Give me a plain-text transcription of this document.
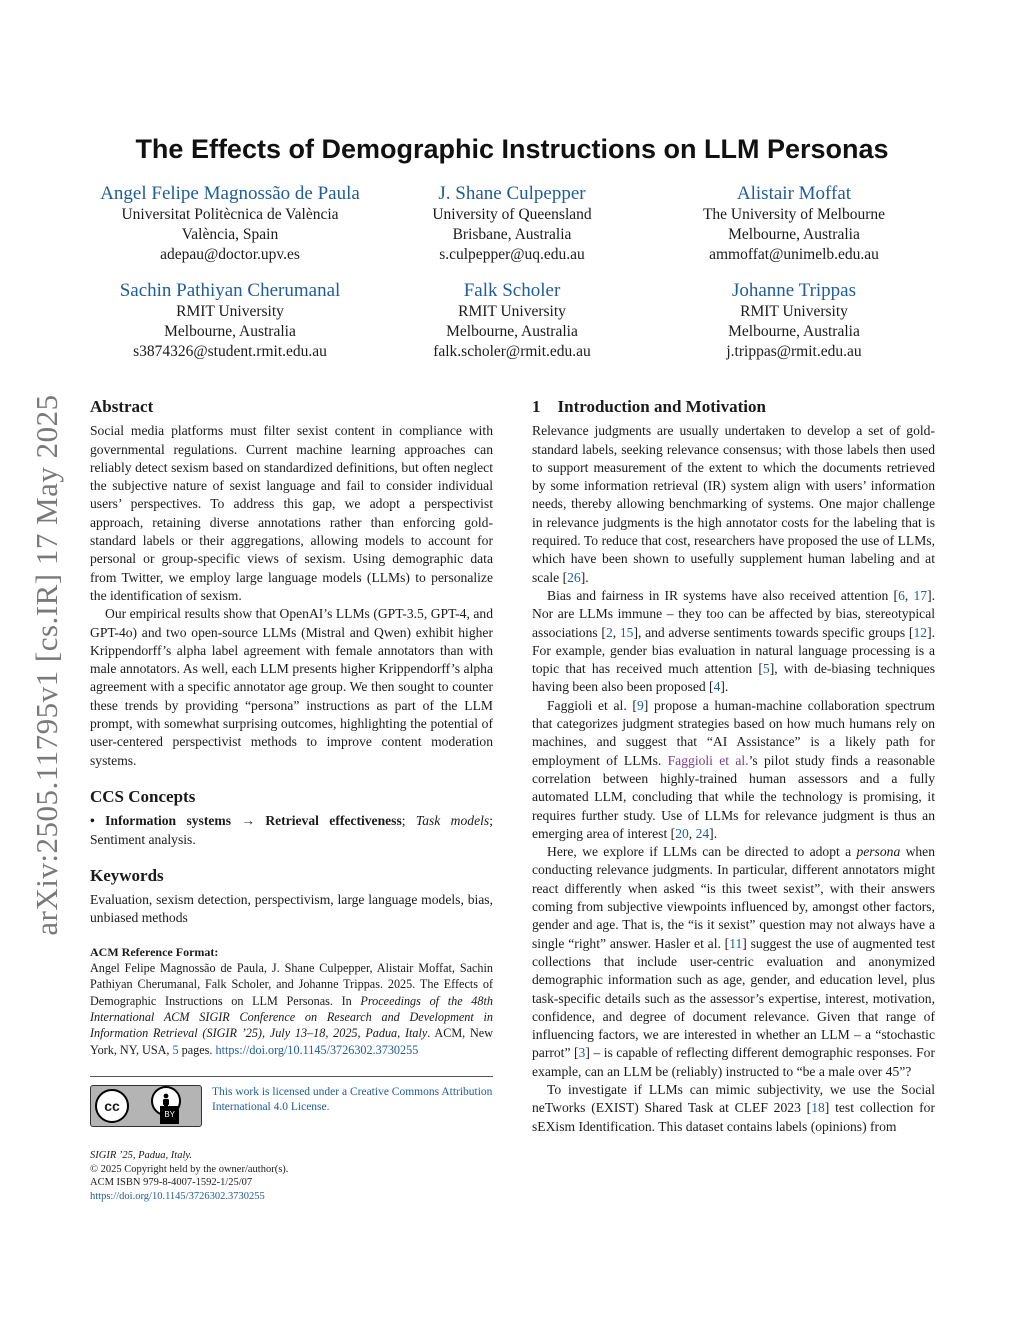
arXiv:2505.11795v1 [cs.IR] 17 May 2025
The Effects of Demographic Instructions on LLM Personas
Angel Felipe Magnossão de Paula
Universitat Politècnica de València
València, Spain
adepau@doctor.upv.es
J. Shane Culpepper
University of Queensland
Brisbane, Australia
s.culpepper@uq.edu.au
Alistair Moffat
The University of Melbourne
Melbourne, Australia
ammoffat@unimelb.edu.au
Sachin Pathiyan Cherumanal
RMIT University
Melbourne, Australia
s3874326@student.rmit.edu.au
Falk Scholer
RMIT University
Melbourne, Australia
falk.scholer@rmit.edu.au
Johanne Trippas
RMIT University
Melbourne, Australia
j.trippas@rmit.edu.au
Abstract

Social media platforms must filter sexist content in compliance with governmental regulations. Current machine learning approaches can reliably detect sexism based on standardized definitions, but often neglect the subjective nature of sexist language and fail to consider individual users’ perspectives. To address this gap, we adopt a perspectivist approach, retaining diverse annotations rather than enforcing gold-standard labels or their aggregations, allowing models to account for personal or group-specific views of sexism. Using demographic data from Twitter, we employ large language models (LLMs) to personalize the identification of sexism.

Our empirical results show that OpenAI’s LLMs (GPT-3.5, GPT-4, and GPT-4o) and two open-source LLMs (Mistral and Qwen) exhibit higher Krippendorff’s alpha label agreement with female annotators than with male annotators. As well, each LLM presents higher Krippendorff’s alpha agreement with a specific annotator age group. We then sought to counter these trends by providing “persona” instructions as part of the LLM prompt, with somewhat surprising outcomes, highlighting the potential of user-centered perspectivist methods to improve content moderation systems.

CCS Concepts

• Information systems → Retrieval effectiveness; Task models; Sentiment analysis.

Keywords

Evaluation, sexism detection, perspectivism, large language models, bias, unbiased methods

ACM Reference Format:
Angel Felipe Magnossão de Paula, J. Shane Culpepper, Alistair Moffat, Sachin Pathiyan Cherumanal, Falk Scholer, and Johanne Trippas. 2025. The Effects of Demographic Instructions on LLM Personas. In Proceedings of the 48th International ACM SIGIR Conference on Research and Development in Information Retrieval (SIGIR ’25), July 13–18, 2025, Padua, Italy. ACM, New York, NY, USA, 5 pages. https://doi.org/10.1145/3726302.3730255
cc
BY
This work is licensed under a Creative Commons Attribution International 4.0 License.
SIGIR ’25, Padua, Italy.
© 2025 Copyright held by the owner/author(s).
ACM ISBN 979-8-4007-1592-1/25/07
https://doi.org/10.1145/3726302.3730255
1    Introduction and Motivation

Relevance judgments are usually undertaken to develop a set of gold-standard labels, seeking relevance consensus; with those labels then used to support measurement of the extent to which the documents retrieved by some information retrieval (IR) system align with users’ information needs, thereby allowing benchmarking of systems. One major challenge in relevance judgments is the high annotator costs for the labeling that is required. To reduce that cost, researchers have proposed the use of LLMs, which have been shown to usefully supplement human labeling and at scale [26].

Bias and fairness in IR systems have also received attention [6, 17]. Nor are LLMs immune – they too can be affected by bias, stereotypical associations [2, 15], and adverse sentiments towards specific groups [12]. For example, gender bias evaluation in natural language processing is a topic that has received much attention [5], with de-biasing techniques having been also been proposed [4].

Faggioli et al. [9] propose a human-machine collaboration spectrum that categorizes judgment strategies based on how much humans rely on machines, and suggest that “AI Assistance” is a likely path for employment of LLMs. Faggioli et al.’s pilot study finds a reasonable correlation between highly-trained human assessors and a fully automated LLM, concluding that while the technology is promising, it requires further study. Use of LLMs for relevance judgment is thus an emerging area of interest [20, 24].

Here, we explore if LLMs can be directed to adopt a persona when conducting relevance judgments. In particular, different annotators might react differently when asked “is this tweet sexist”, with their answers coming from subjective viewpoints influenced by, amongst other factors, gender and age. That is, the “is it sexist” question may not always have a single “right” answer. Hasler et al. [11] suggest the use of augmented test collections that include user-centric evaluation and anonymized demographic information such as age, gender, and education level, plus task-specific details such as the assessor’s expertise, interest, motivation, confidence, and degree of document relevance. Given that range of influencing factors, we are interested in whether an LLM – a “stochastic parrot” [3] – is capable of reflecting different demographic responses. For example, can an LLM be (reliably) instructed to “be a male over 45”?

To investigate if LLMs can mimic subjectivity, we use the Social neTworks (EXIST) Shared Task at CLEF 2023 [18] test collection for sEXism Identification. This dataset contains labels (opinions) from
